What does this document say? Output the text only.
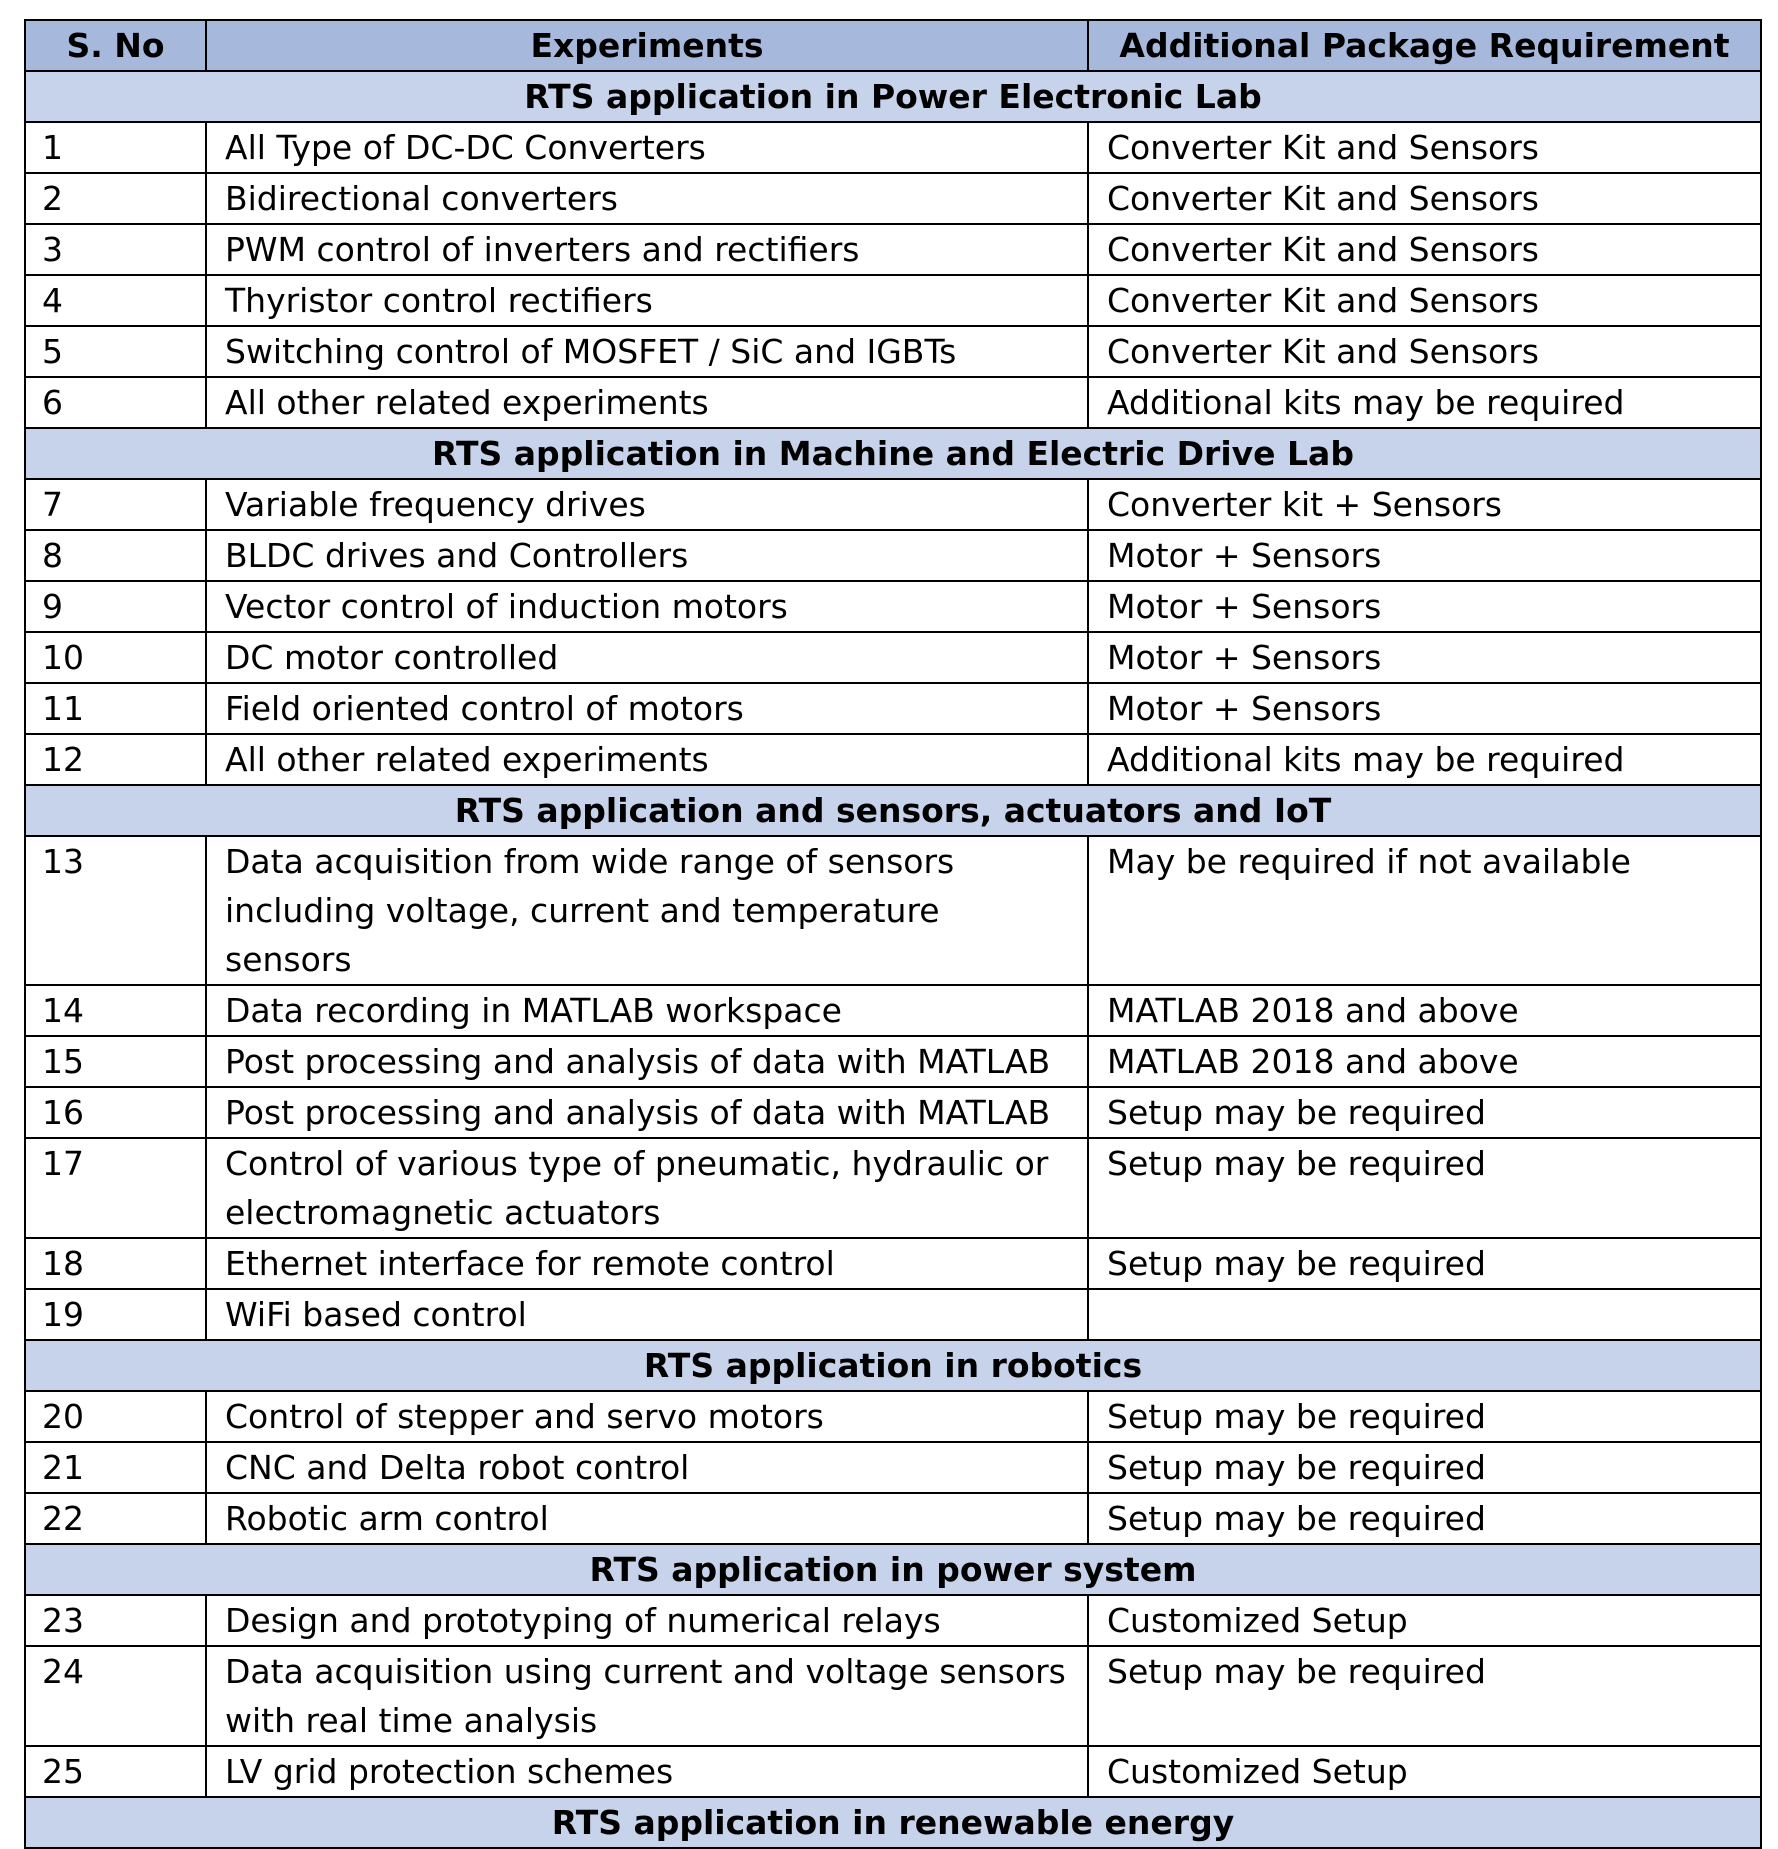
S. No	Experiments	Additional Package Requirement
RTS application in Power Electronic Lab		
1	All Type of DC-DC Converters	Converter Kit and Sensors
2	Bidirectional converters	Converter Kit and Sensors
3	PWM control of inverters and rectifiers	Converter Kit and Sensors
4	Thyristor control rectifiers	Converter Kit and Sensors
5	Switching control of MOSFET / SiC and IGBTs	Converter Kit and Sensors
6	All other related experiments	Additional kits may be required
RTS application in Machine and Electric Drive Lab		
7	Variable frequency drives	Converter kit + Sensors
8	BLDC drives and Controllers	Motor + Sensors
9	Vector control of induction motors	Motor + Sensors
10	DC motor controlled	Motor + Sensors
11	Field oriented control of motors	Motor + Sensors
12	All other related experiments	Additional kits may be required
RTS application and sensors, actuators and IoT		
13	Data acquisition from wide range of sensors including voltage, current and temperature sensors	May be required if not available
14	Data recording in MATLAB workspace	MATLAB 2018 and above
15	Post processing and analysis of data with MATLAB	MATLAB 2018 and above
16	Post processing and analysis of data with MATLAB	Setup may be required
17	Control of various type of pneumatic, hydraulic or electromagnetic actuators	Setup may be required
18	Ethernet interface for remote control	Setup may be required
19	WiFi based control	
RTS application in robotics		
20	Control of stepper and servo motors	Setup may be required
21	CNC and Delta robot control	Setup may be required
22	Robotic arm control	Setup may be required
RTS application in power system		
23	Design and prototyping of numerical relays	Customized Setup
24	Data acquisition using current and voltage sensors with real time analysis	Setup may be required
25	LV grid protection schemes	Customized Setup
RTS application in renewable energy		
